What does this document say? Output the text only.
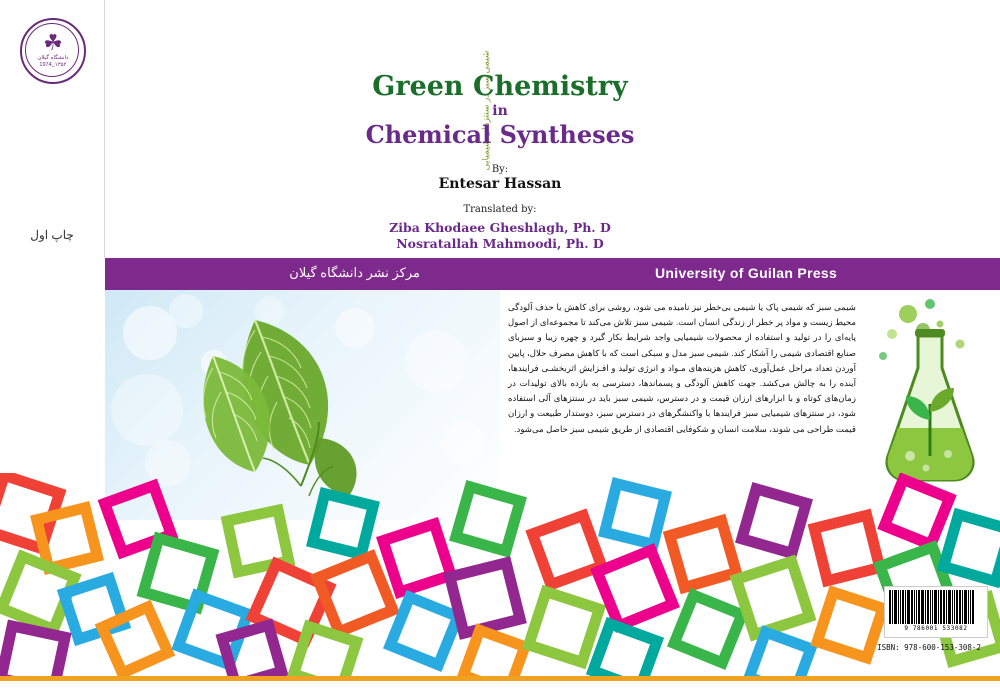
☘
دانشگاه گیلان
۱۳۵۲_1974
چاپ اول
شیمی سبز در سنتزهای شیمیایی
Green Chemistry
in
Chemical Syntheses
By:
Entesar Hassan
Translated by:
Ziba Khodaee Gheshlagh, Ph. D
Nosratallah Mahmoodi, Ph. D
مرکز نشر دانشگاه گیلان	University of Guilan Press
شیمی سبز که شیمی پاک یا شیمی بی‌خطر نیز نامیده می شود، روشی برای کاهش یا حذف آلودگی محیط زیست و مواد پر خطر از زندگی انسان است. شیمی سبز تلاش می‌کند تا مجموعه‌ای از اصول پایه‌ای را در تولید و استفاده از محصولات شیمیایی واجد شرایط بکار گیرد و چهره زیبا و سبزبای صنایع اقتصادی شیمی را آشکار کند. شیمی سبز مدل و سبکی است که با کاهش مصرف حلال، پایین آوردن تعداد مراحل عمل‌آوری، کاهش هزینه‌های مـواد و انرژی تولید و افـزایش اثربخشـی فرایندها، آینده را به چالش می‌کشد. جهت کاهش آلودگی و پسماندها، دسترسی به بازده بالای تولیدات در زمان‌های کوتاه و با ابزارهای ارزان قیمت و در دسترس، شیمی سبز باید در سنتزهای آلی استفاده شود، در سنتزهای شیمیایی سبز فرایندها با واکنشگرهای در دسترس سبز، دوستدار طبیعت و ارزان قیمت طراحی می شوند، سلامت انسان و شکوفایی اقتصادی از طریق شیمی سبز حاصل می‌شود.
9 786001 533082
ISBN: 978-600-153-308-2
